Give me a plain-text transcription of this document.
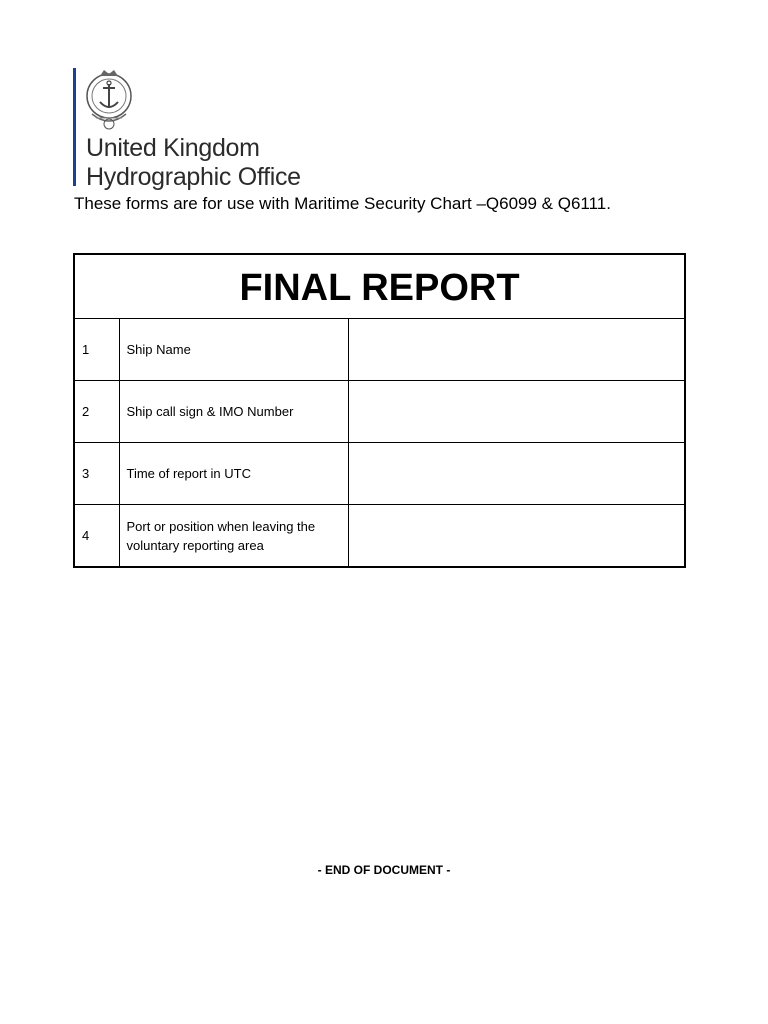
United Kingdom
Hydrographic Office
These forms are for use with Maritime Security Chart –Q6099 & Q6111.
FINAL REPORT		
1	Ship Name	
2	Ship call sign & IMO Number	
3	Time of report in UTC	
4	Port or position when leaving the voluntary reporting area	
- END OF DOCUMENT -
